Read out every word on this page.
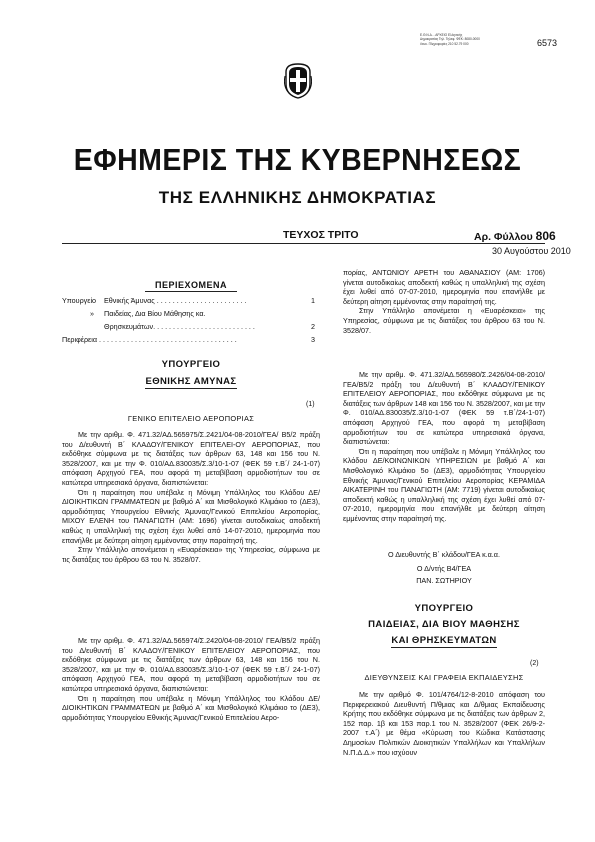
Ε.Θ.Ν.Δ. - ΑΡΧΕΙΟ Ελληνικής Δημοκρατίας Τηλ. Τηλεφ. ΦΕΚ: 8080-0000 Λευκ. Πληροφορίες 210 52.79 000	6573
ΕΦΗΜΕΡΙΣ ΤΗΣ ΚΥΒΕΡΝΗΣΕΩΣ
ΤΗΣ ΕΛΛΗΝΙΚΗΣ ΔΗΜΟΚΡΑΤΙΑΣ
ΤΕΥΧΟΣ ΤΡΙΤΟ	Αρ. Φύλλου 806
30 Αυγούστου 2010
ΠΕΡΙΕΧΟΜΕΝΑ
Υπουργείο Εθνικής Άμυνας . . . . . . . . . . . . . . . . . . . . . . .	1
» Παιδείας, Δια Βίου Μάθησης κα.
Θρησκευμάτων. . . . . . . . . . . . . . . . . . . . . . . . . .	2
Περιφέρεια . . . . . . . . . . . . . . . . . . . . . . . . . . . . . . . . . . .	3
ΥΠΟΥΡΓΕΙΟ
ΕΘΝΙΚΗΣ ΑΜΥΝΑΣ
(1)
ΓΕΝΙΚΟ ΕΠΙΤΕΛΕΙΟ ΑΕΡΟΠΟΡΙΑΣ

Με την αριθμ. Φ. 471.32/ΑΔ.565975/Σ.2421/04-08-2010/ΓΕΑ/ Β5/2 πράξη του Δ/ευθυντή Β΄ ΚΛΑΔΟΥ/ΓΕΝΙΚΟΥ ΕΠΙΤΕΛΕΙ-ΟΥ ΑΕΡΟΠΟΡΙΑΣ, που εκδόθηκε σύμφωνα με τις διατάξεις των άρθρων 63, 148 και 156 του Ν. 3528/2007, και με την Φ. 010/ΑΔ.830035/Σ.3/10-1-07 (ΦΕΚ 59 τ.Β΄/ 24-1-07) απόφαση Αρχηγού ΓΕΑ, που αφορά τη μεταβίβαση αρμοδιοτήτων του σε κατώτερα υπηρεσιακά όργανα, διαπιστώνεται:

Ότι η παραίτηση που υπέβαλε η Μόνιμη Υπάλληλος του Κλάδου ΔΕ/ΔΙΟΙΚΗΤΙΚΩΝ ΓΡΑΜΜΑΤΕΩΝ με βαθμό Α΄ και Μισθολογικό Κλιμάκιο το (ΔΕ3), αρμοδιότητας Υπουργείου Εθνικής Άμυνας/Γενικού Επιτελείου Αεροπορίας, ΜΙΧΟΥ ΕΛΕΝΗ του ΠΑΝΑΓΙΩΤΗ (ΑΜ: 1696) γίνεται αυτοδικαίως αποδεκτή καθώς η υπαλληλική της σχέση έχει λυθεί από 14-07-2010, ημερομηνία που επανήλθε με δεύτερη αίτηση εμμένοντας στην παραίτησή της.

Στην Υπάλληλο απονέμεται η «Ευαρέσκεια» της Υπηρεσίας, σύμφωνα με τις διατάξεις του άρθρου 63 του Ν. 3528/07.

Με την αριθμ. Φ. 471.32/ΑΔ.565974/Σ.2420/04-08-2010/ ΓΕΑ/Β5/2 πράξη του Δ/ευθυντή Β΄ ΚΛΑΔΟΥ/ΓΕΝΙΚΟΥ ΕΠΙΤΕΛΕΙΟΥ ΑΕΡΟΠΟΡΙΑΣ, που εκδόθηκε σύμφωνα με τις διατάξεις των άρθρων 63, 148 και 156 του Ν. 3528/2007, και με την Φ. 010/ΑΔ.830035/Σ.3/10-1-07 (ΦΕΚ 59 τ.Β΄/ 24-1-07) απόφαση Αρχηγού ΓΕΑ, που αφορά τη μεταβίβαση αρμοδιοτήτων του σε κατώτερα υπηρεσιακά όργανα, διαπιστώνεται:

Ότι η παραίτηση που υπέβαλε η Μόνιμη Υπάλληλος του Κλάδου ΔΕ/ΔΙΟΙΚΗΤΙΚΩΝ ΓΡΑΜΜΑΤΕΩΝ με βαθμό Α΄ και Μισθολογικό Κλιμάκιο το (ΔΕ3), αρμοδιότητας Υπουργείου Εθνικής Άμυνας/Γενικού Επιτελείου Αερο-

πορίας, ΑΝΤΩΝΙΟΥ ΑΡΕΤΗ του ΑΘΑΝΑΣΙΟΥ (ΑΜ: 1706) γίνεται αυτοδικαίως αποδεκτή καθώς η υπαλληλική της σχέση έχει λυθεί από 07-07-2010, ημερομηνία που επανήλθε με δεύτερη αίτηση εμμένοντας στην παραίτησή της.

Στην Υπάλληλο απονέμεται η «Ευαρέσκεια» της Υπηρεσίας, σύμφωνα με τις διατάξεις του άρθρου 63 του Ν. 3528/07.

Με την αριθμ. Φ. 471.32/ΑΔ.565980/Σ.2426/04-08-2010/ ΓΕΑ/Β5/2 πράξη του Δ/ευθυντή Β΄ ΚΛΑΔΟΥ/ΓΕΝΙΚΟΥ ΕΠΙΤΕΛΕΙΟΥ ΑΕΡΟΠΟΡΙΑΣ, που εκδόθηκε σύμφωνα με τις διατάξεις των άρθρων 148 και 156 του Ν. 3528/2007, και με την Φ. 010/ΑΔ.830035/Σ.3/10-1-07 (ΦΕΚ 59 τ.Β΄/24-1-07) απόφαση Αρχηγού ΓΕΑ, που αφορά τη μεταβίβαση αρμοδιοτήτων του σε κατώτερα υπηρεσιακά όργανα, διαπιστώνεται:

Ότι η παραίτηση που υπέβαλε η Μόνιμη Υπάλληλος του Κλάδου ΔΕ/ΚΟΙΝΩΝΙΚΩΝ ΥΠΗΡΕΣΙΩΝ με βαθμό Α΄ και Μισθολογικό Κλιμάκιο 5ο (ΔΕ3), αρμοδιότητας Υπουργείου Εθνικής Άμυνας/Γενικού Επιτελείου Αεροπορίας ΚΕΡΑΜΙΔΑ ΑΙΚΑΤΕΡΙΝΗ του ΠΑΝΑΓΙΩΤΗ (ΑΜ: 7719) γίνεται αυτοδικαίως αποδεκτή καθώς η υπαλληλική της σχέση έχει λυθεί από 07-07-2010, ημερομηνία που επανήλθε με δεύτερη αίτηση εμμένοντας στην παραίτησή της.

Ο Διευθυντής Β΄ κλάδου/ΓΕΑ κ.α.α.
Ο Δ/ντής Β4/ΓΕΑ
ΠΑΝ. ΣΩΤΗΡΙΟΥ
ΥΠΟΥΡΓΕΙΟ
ΠΑΙΔΕΙΑΣ, ΔΙΑ ΒΙΟΥ ΜΑΘΗΣΗΣ
ΚΑΙ ΘΡΗΣΚΕΥΜΑΤΩΝ
(2)
ΔΙΕΥΘΥΝΣΕΙΣ ΚΑΙ ΓΡΑΦΕΙΑ ΕΚΠΑΙΔΕΥΣΗΣ

Με την αριθμό Φ. 101/4764/12-8-2010 απόφαση του Περιφερειακού Διευθυντή Π/θμιας και Δ/θμιας Εκπαίδευσης Κρήτης που εκδόθηκε σύμφωνα με τις διατάξεις των άρθρων 2, 152 παρ. 1β και 153 παρ.1 του Ν. 3528/2007 (ΦΕΚ 26/9-2-2007 τ.Α΄) με θέμα «Κύρωση του Κώδικα Κατάστασης Δημοσίων Πολιτικών Διοικητικών Υπαλλήλων και Υπαλλήλων Ν.Π.Δ.Δ.» που ισχύουν
